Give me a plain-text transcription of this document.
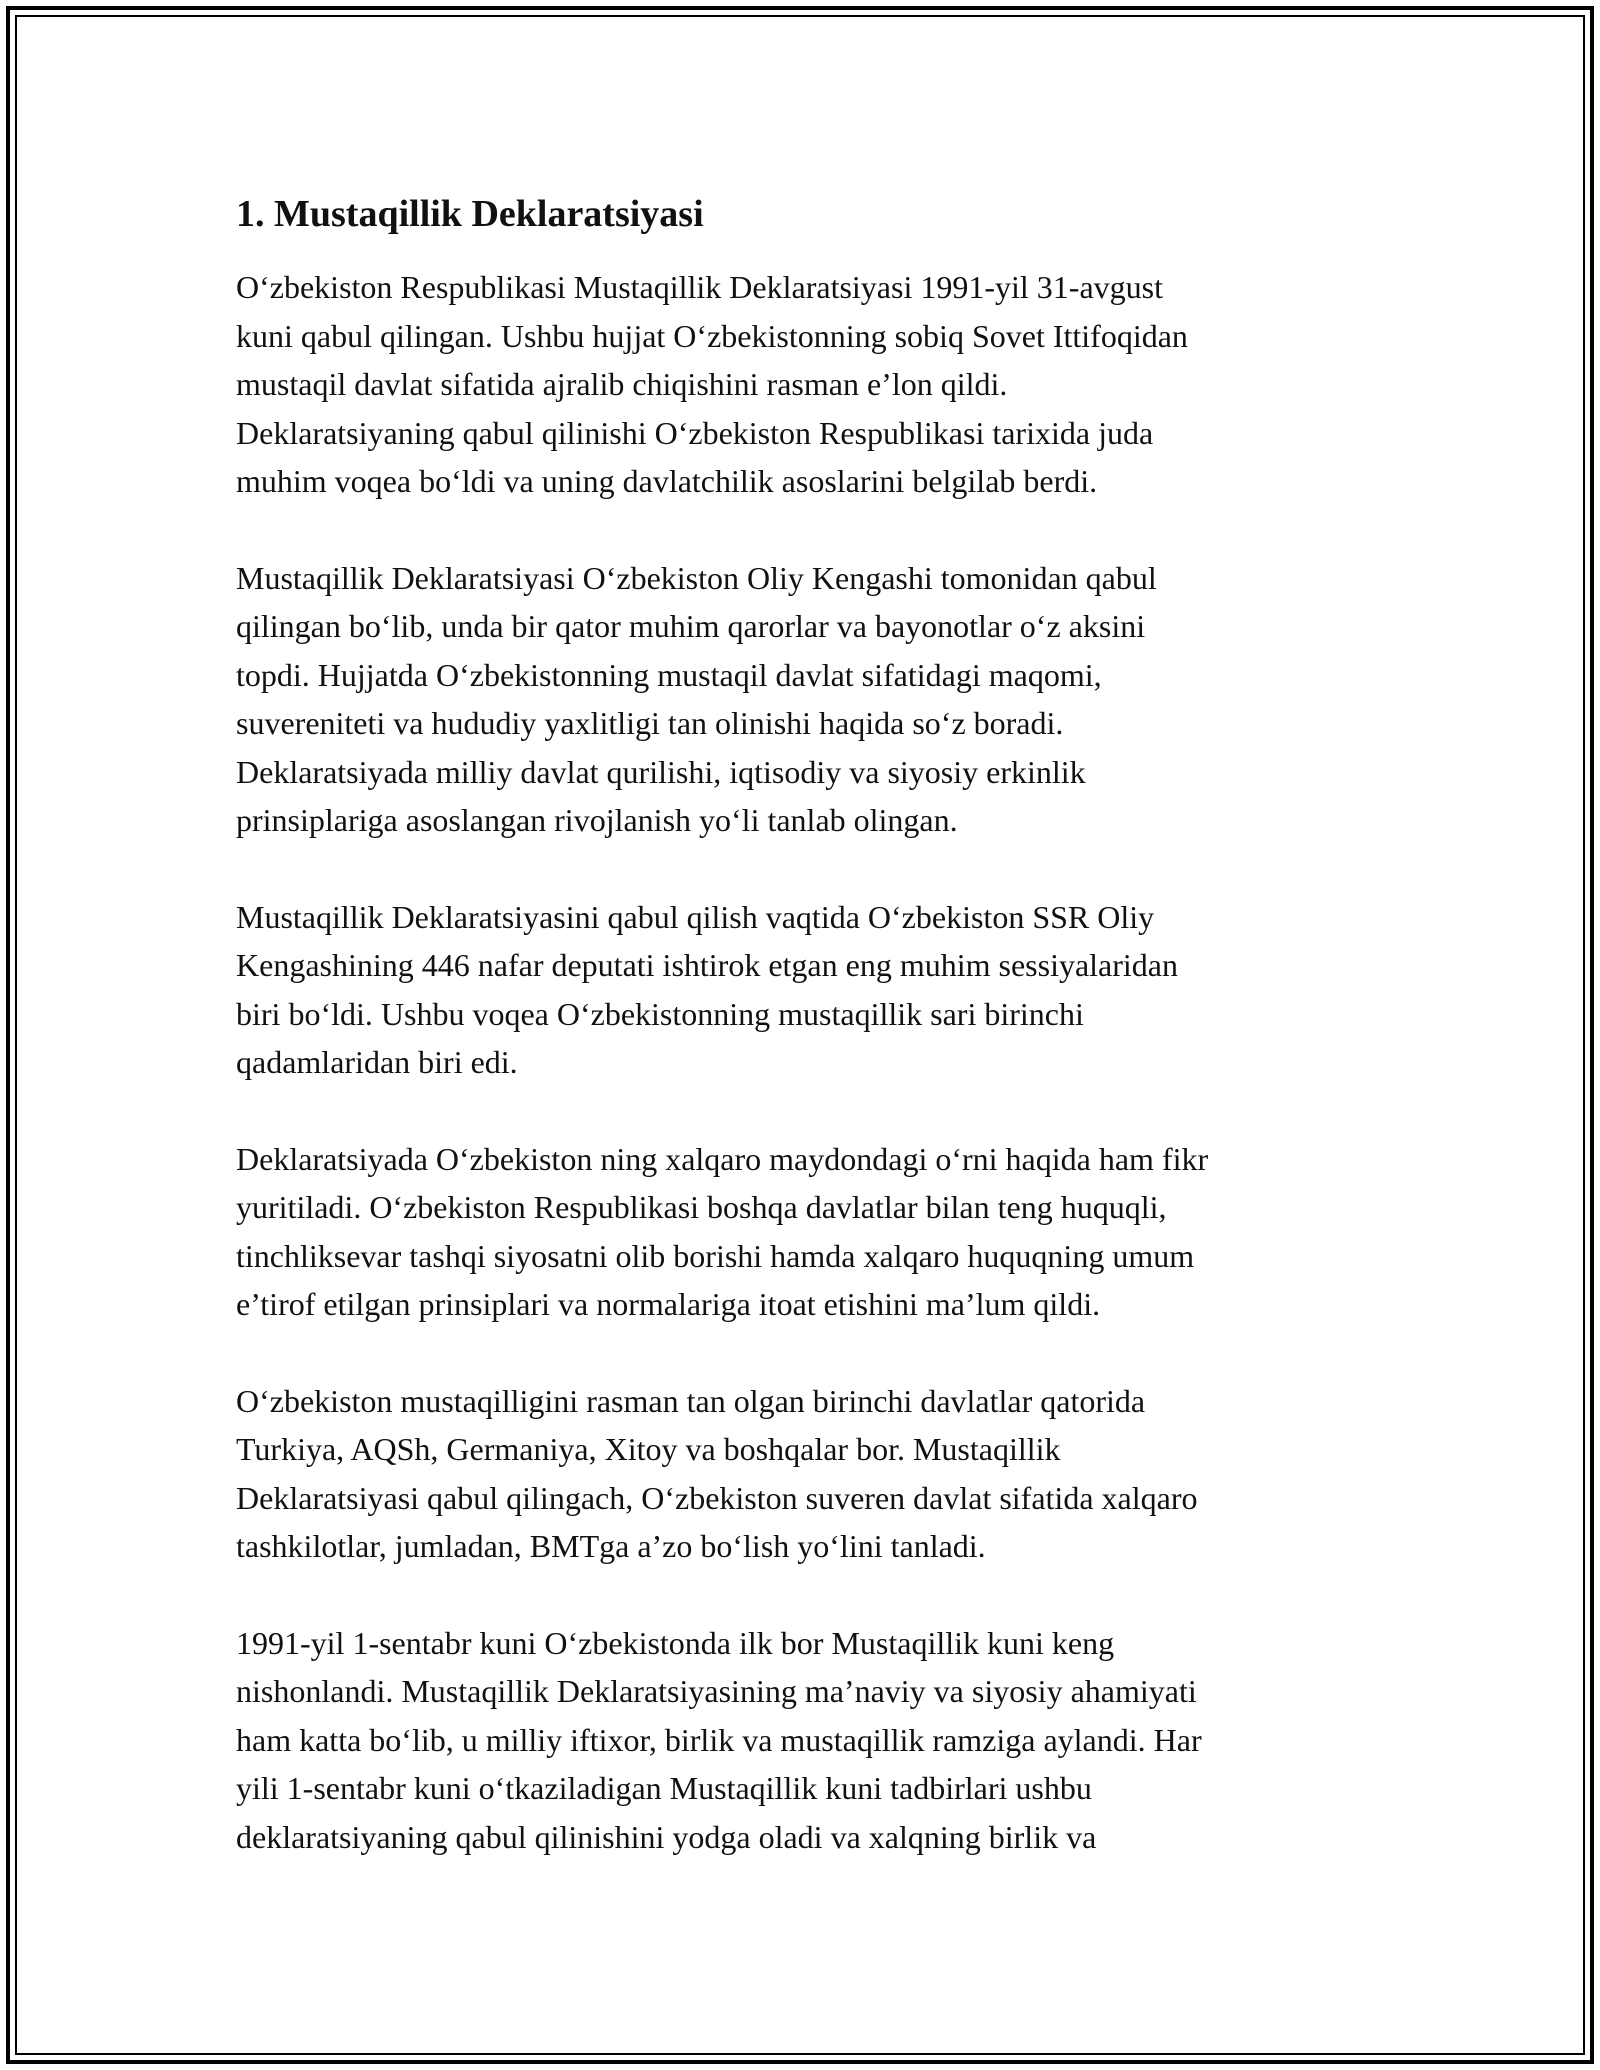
1. Mustaqillik Deklaratsiyasi

O‘zbekiston Respublikasi Mustaqillik Deklaratsiyasi 1991-yil 31-avgust
kuni qabul qilingan. Ushbu hujjat O‘zbekistonning sobiq Sovet Ittifoqidan
mustaqil davlat sifatida ajralib chiqishini rasman e’lon qildi.
Deklaratsiyaning qabul qilinishi O‘zbekiston Respublikasi tarixida juda
muhim voqea bo‘ldi va uning davlatchilik asoslarini belgilab berdi.

Mustaqillik Deklaratsiyasi O‘zbekiston Oliy Kengashi tomonidan qabul
qilingan bo‘lib, unda bir qator muhim qarorlar va bayonotlar o‘z aksini
topdi. Hujjatda O‘zbekistonning mustaqil davlat sifatidagi maqomi,
suvereniteti va hududiy yaxlitligi tan olinishi haqida so‘z boradi.
Deklaratsiyada milliy davlat qurilishi, iqtisodiy va siyosiy erkinlik
prinsiplariga asoslangan rivojlanish yo‘li tanlab olingan.

Mustaqillik Deklaratsiyasini qabul qilish vaqtida O‘zbekiston SSR Oliy
Kengashining 446 nafar deputati ishtirok etgan eng muhim sessiyalaridan
biri bo‘ldi. Ushbu voqea O‘zbekistonning mustaqillik sari birinchi
qadamlaridan biri edi.

Deklaratsiyada O‘zbekiston ning xalqaro maydondagi o‘rni haqida ham fikr
yuritiladi. O‘zbekiston Respublikasi boshqa davlatlar bilan teng huquqli,
tinchliksevar tashqi siyosatni olib borishi hamda xalqaro huquqning umum
e’tirof etilgan prinsiplari va normalariga itoat etishini ma’lum qildi.

O‘zbekiston mustaqilligini rasman tan olgan birinchi davlatlar qatorida
Turkiya, AQSh, Germaniya, Xitoy va boshqalar bor. Mustaqillik
Deklaratsiyasi qabul qilingach, O‘zbekiston suveren davlat sifatida xalqaro
tashkilotlar, jumladan, BMTga a’zo bo‘lish yo‘lini tanladi.

1991-yil 1-sentabr kuni O‘zbekistonda ilk bor Mustaqillik kuni keng
nishonlandi. Mustaqillik Deklaratsiyasining ma’naviy va siyosiy ahamiyati
ham katta bo‘lib, u milliy iftixor, birlik va mustaqillik ramziga aylandi. Har
yili 1-sentabr kuni o‘tkaziladigan Mustaqillik kuni tadbirlari ushbu
deklaratsiyaning qabul qilinishini yodga oladi va xalqning birlik va
